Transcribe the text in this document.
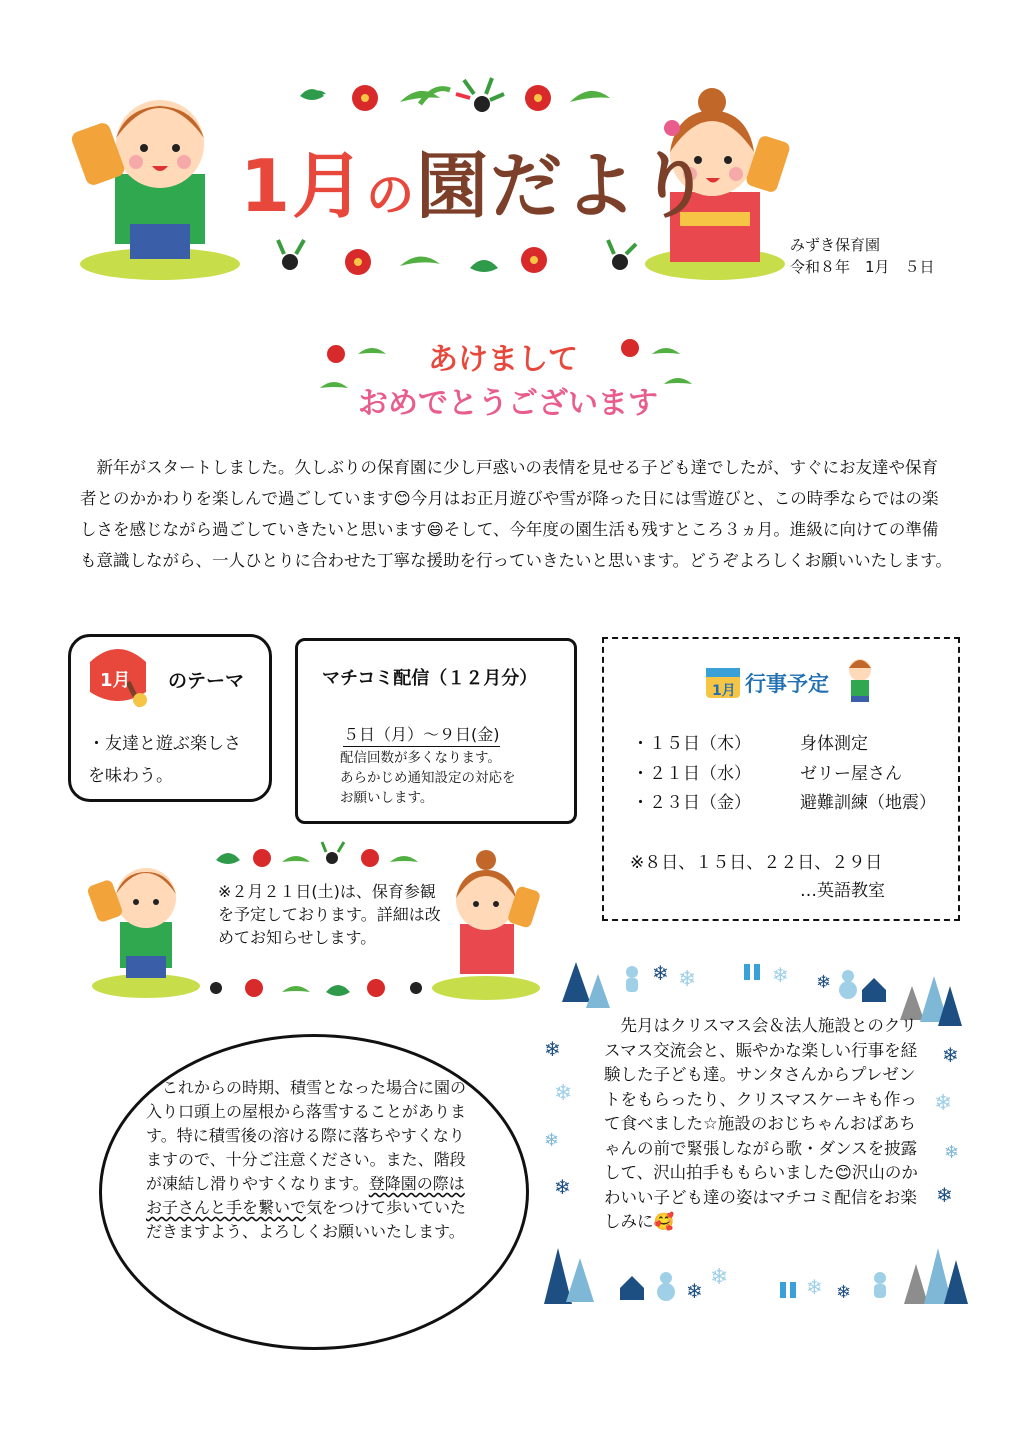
1月の園だより
みずき保育園
令和８年　1月　５日
あけまして
おめでとうございます
新年がスタートしました。久しぶりの保育園に少し戸惑いの表情を見せる子ども達でしたが、すぐにお友達や保育者とのかかわりを楽しんで過ごしています😊今月はお正月遊びや雪が降った日には雪遊びと、この時季ならではの楽しさを感じながら過ごしていきたいと思います😄そして、今年度の園生活も残すところ３ヵ月。進級に向けての準備も意識しながら、一人ひとりに合わせた丁寧な援助を行っていきたいと思います。どうぞよろしくお願いいたします。
1月 のテーマ
・友達と遊ぶ楽しさ　を味わう。
マチコミ配信（１２月分）
５日（月）～９日(金)
配信回数が多くなります。
あらかじめ通知設定の対応を
お願いします。
1月 行事予定
・１５日（木）	身体測定
・２１日（水）	ゼリー屋さん
・２３日（金）	避難訓練（地震）
※８日、１５日、２２日、２９日
…英語教室
※２月２１日(土)は、保育参観を予定しております。詳細は改めてお知らせします。
❄ ❄	❄ ❄
❄
❄
❄
❄
❄
❄
❄
❄
❄
❄	❄ ❄
先月はクリスマス会＆法人施設とのクリスマス交流会と、賑やかな楽しい行事を経験した子ども達。サンタさんからプレゼントをもらったり、クリスマスケーキも作って食べました☆施設のおじちゃんおばあちゃんの前で緊張しながら歌・ダンスを披露して、沢山拍手ももらいました😊沢山のかわいい子ども達の姿はマチコミ配信をお楽しみに🥰
これからの時期、積雪となった場合に園の入り口頭上の屋根から落雪することがあります。特に積雪後の溶ける際に落ちやすくなりますので、十分ご注意ください。また、階段が凍結し滑りやすくなります。登降園の際はお子さんと手を繋いで気をつけて歩いていただきますよう、よろしくお願いいたします。
